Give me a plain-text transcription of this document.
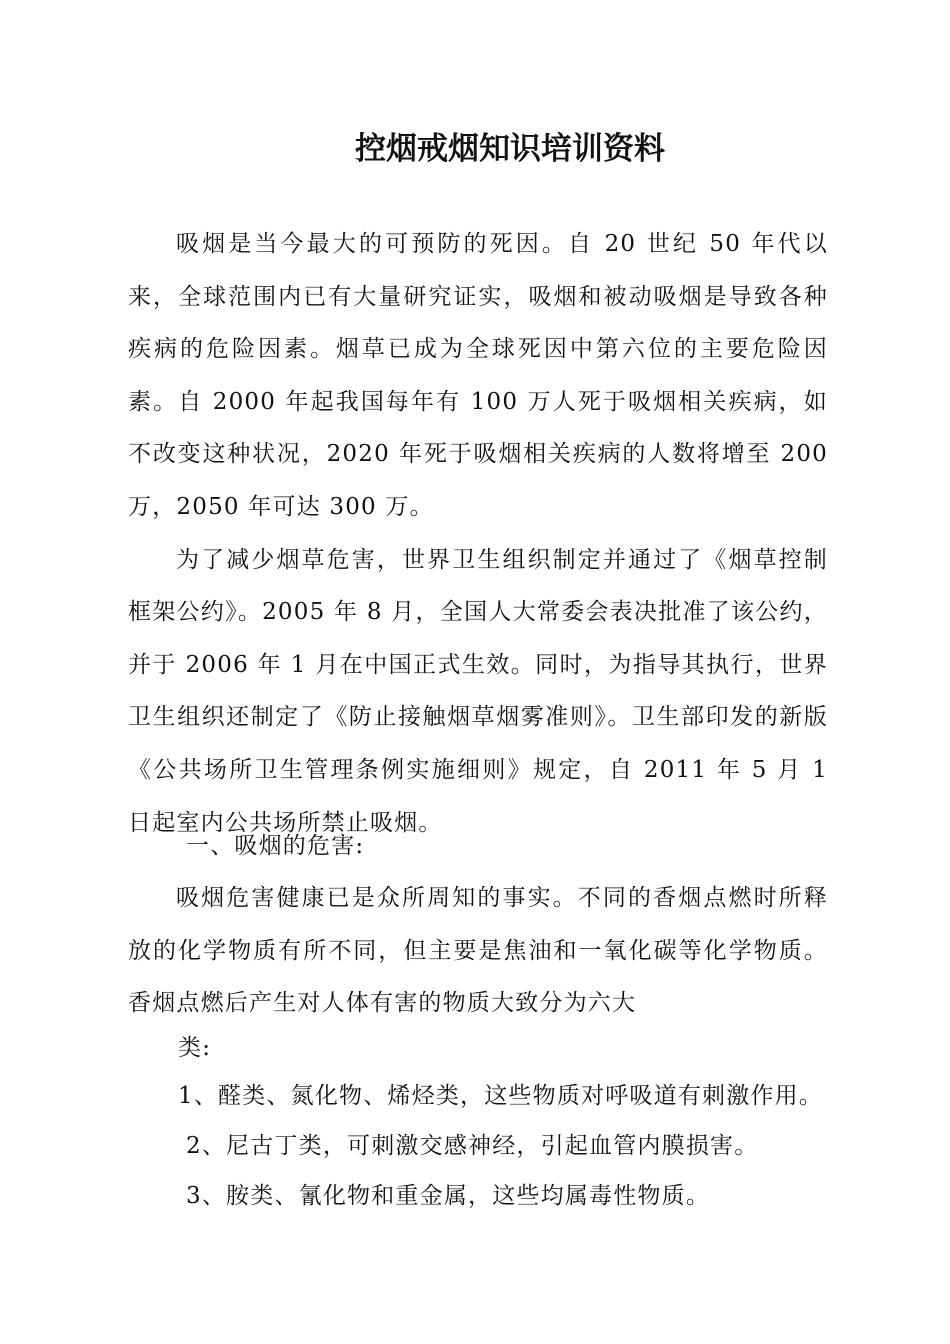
控烟戒烟知识培训资料

吸烟是当今最大的可预防的死因。自 20 世纪 50 年代以来，全球范围内已有大量研究证实，吸烟和被动吸烟是导致各种疾病的危险因素。烟草已成为全球死因中第六位的主要危险因素。自 2000 年起我国每年有 100 万人死于吸烟相关疾病，如不改变这种状况，2020 年死于吸烟相关疾病的人数将增至 200 万，2050 年可达 300 万。

为了减少烟草危害，世界卫生组织制定并通过了《烟草控制框架公约》。2005 年 8 月，全国人大常委会表决批准了该公约，并于 2006 年 1 月在中国正式生效。同时，为指导其执行，世界卫生组织还制定了《防止接触烟草烟雾准则》。卫生部印发的新版《公共场所卫生管理条例实施细则》规定，自 2011 年 5 月 1 日起室内公共场所禁止吸烟。

一、吸烟的危害:

吸烟危害健康已是众所周知的事实。不同的香烟点燃时所释放的化学物质有所不同，但主要是焦油和一氧化碳等化学物质。香烟点燃后产生对人体有害的物质大致分为六大

类:
1、醛类、氮化物、烯烃类，这些物质对呼吸道有刺激作用。
2、尼古丁类，可刺激交感神经，引起血管内膜损害。
3、胺类、氰化物和重金属，这些均属毒性物质。
